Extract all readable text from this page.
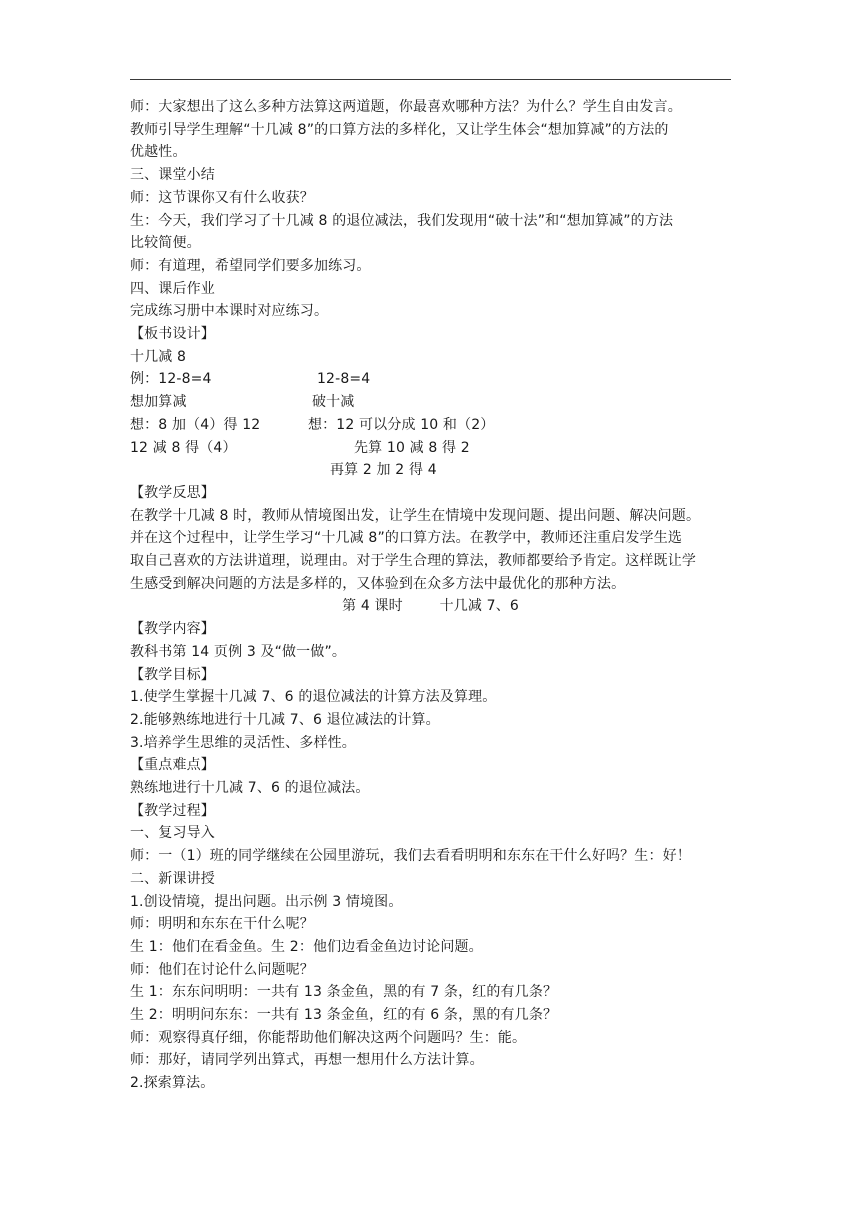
师：大家想出了这么多种方法算这两道题，你最喜欢哪种方法？为什么？学生自由发言。

教师引导学生理解“十几减 8”的口算方法的多样化，又让学生体会“想加算减”的方法的

优越性。

三、课堂小结

师：这节课你又有什么收获？

生：今天，我们学习了十几减 8 的退位减法，我们发现用“破十法”和“想加算减”的方法

比较简便。

师：有道理，希望同学们要多加练习。

四、课后作业

完成练习册中本课时对应练习。

【板书设计】

十几减 8

例：12-8=4	12-8=4
想加算减	破十减
想：8 加（4）得 12	想：12 可以分成 10 和（2）
12 减 8 得（4）	先算 10 减 8 得 2
再算 2 加 2 得 4

【教学反思】

在教学十几减 8 时，教师从情境图出发，让学生在情境中发现问题、提出问题、解决问题。

并在这个过程中，让学生学习“十几减 8”的口算方法。在教学中，教师还注重启发学生选

取自己喜欢的方法讲道理，说理由。对于学生合理的算法，教师都要给予肯定。这样既让学

生感受到解决问题的方法是多样的，又体验到在众多方法中最优化的那种方法。

第 4 课时        十几减 7、6

【教学内容】

教科书第 14 页例 3 及“做一做”。

【教学目标】

1.使学生掌握十几减 7、6 的退位减法的计算方法及算理。

2.能够熟练地进行十几减 7、6 退位减法的计算。

3.培养学生思维的灵活性、多样性。

【重点难点】

熟练地进行十几减 7、6 的退位减法。

【教学过程】

一、复习导入

师：一（1）班的同学继续在公园里游玩，我们去看看明明和东东在干什么好吗？生：好！

二、新课讲授

1.创设情境，提出问题。出示例 3 情境图。

师：明明和东东在干什么呢？

生 1：他们在看金鱼。生 2：他们边看金鱼边讨论问题。

师：他们在讨论什么问题呢？

生 1：东东问明明：一共有 13 条金鱼，黑的有 7 条，红的有几条？

生 2：明明问东东：一共有 13 条金鱼，红的有 6 条，黑的有几条？

师：观察得真仔细，你能帮助他们解决这两个问题吗？生：能。

师：那好，请同学列出算式，再想一想用什么方法计算。

2.探索算法。
